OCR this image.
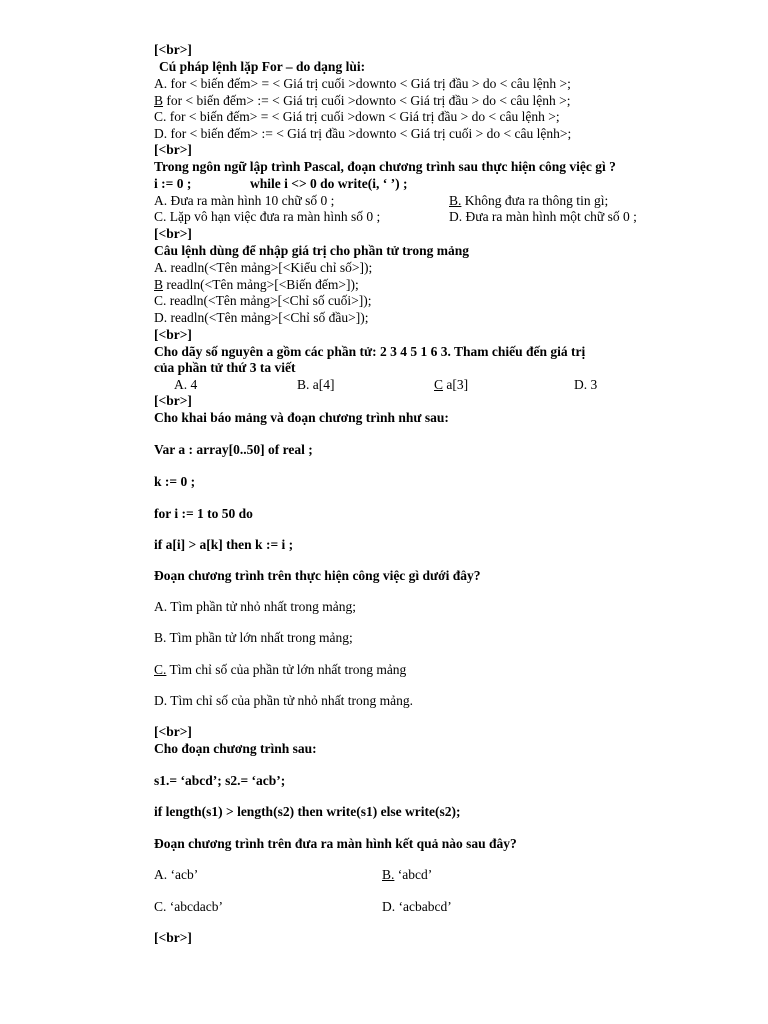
[<br>]
Cú pháp lệnh lặp For – do dạng lùi:
A. for < biến đếm> = < Giá trị cuối >downto < Giá trị đầu > do < câu lệnh >;
B for < biến đếm> := < Giá trị cuối >downto < Giá trị đầu > do < câu lệnh >;
C. for < biến đếm> = < Giá trị cuối >down < Giá trị đầu > do < câu lệnh >;
D. for < biến đếm> := < Giá trị đầu >downto < Giá trị cuối > do < câu lệnh>;
[<br>]
Trong ngôn ngữ lập trình Pascal, đoạn chương trình sau thực hiện công việc gì ?
i := 0 ;	while i <> 0 do write(i, ‘ ’) ;
A. Đưa ra màn hình 10 chữ số 0 ;	B. Không đưa ra thông tin gì;
C. Lặp vô hạn việc đưa ra màn hình số 0 ;	D. Đưa ra màn hình một chữ số 0 ;
[<br>]
Câu lệnh dùng để nhập giá trị cho phần tử trong mảng
A. readln(<Tên mảng>[<Kiểu chỉ số>]);
B readln(<Tên mảng>[<Biến đếm>]);
C. readln(<Tên mảng>[<Chỉ số cuối>]);
D. readln(<Tên mảng>[<Chỉ số đầu>]);
[<br>]
Cho dãy số nguyên a gồm các phần tử: 2 3 4 5 1 6 3. Tham chiếu đến giá trị
của phần tử thứ 3 ta viết
A. 4	B. a[4]	C a[3]	D. 3
[<br>]
Cho khai báo mảng và đoạn chương trình như sau:
Var a : array[0..50] of real ;
k := 0 ;
for i := 1 to 50 do
if a[i] > a[k] then k := i ;
Đoạn chương trình trên thực hiện công việc gì dưới đây?
A. Tìm phần tử nhỏ nhất trong mảng;
B. Tìm phần tử lớn nhất trong mảng;
C. Tìm chỉ số của phần tử lớn nhất trong mảng
D. Tìm chỉ số của phần tử nhỏ nhất trong mảng.
[<br>]
Cho đoạn chương trình sau:
s1.= ‘abcd’; s2.= ‘acb’;
if length(s1) > length(s2) then write(s1) else write(s2);
Đoạn chương trình trên đưa ra màn hình kết quả nào sau đây?
A. ‘acb’	B. ‘abcd’
C. ‘abcdacb’	D. ‘acbabcd’
[<br>]
